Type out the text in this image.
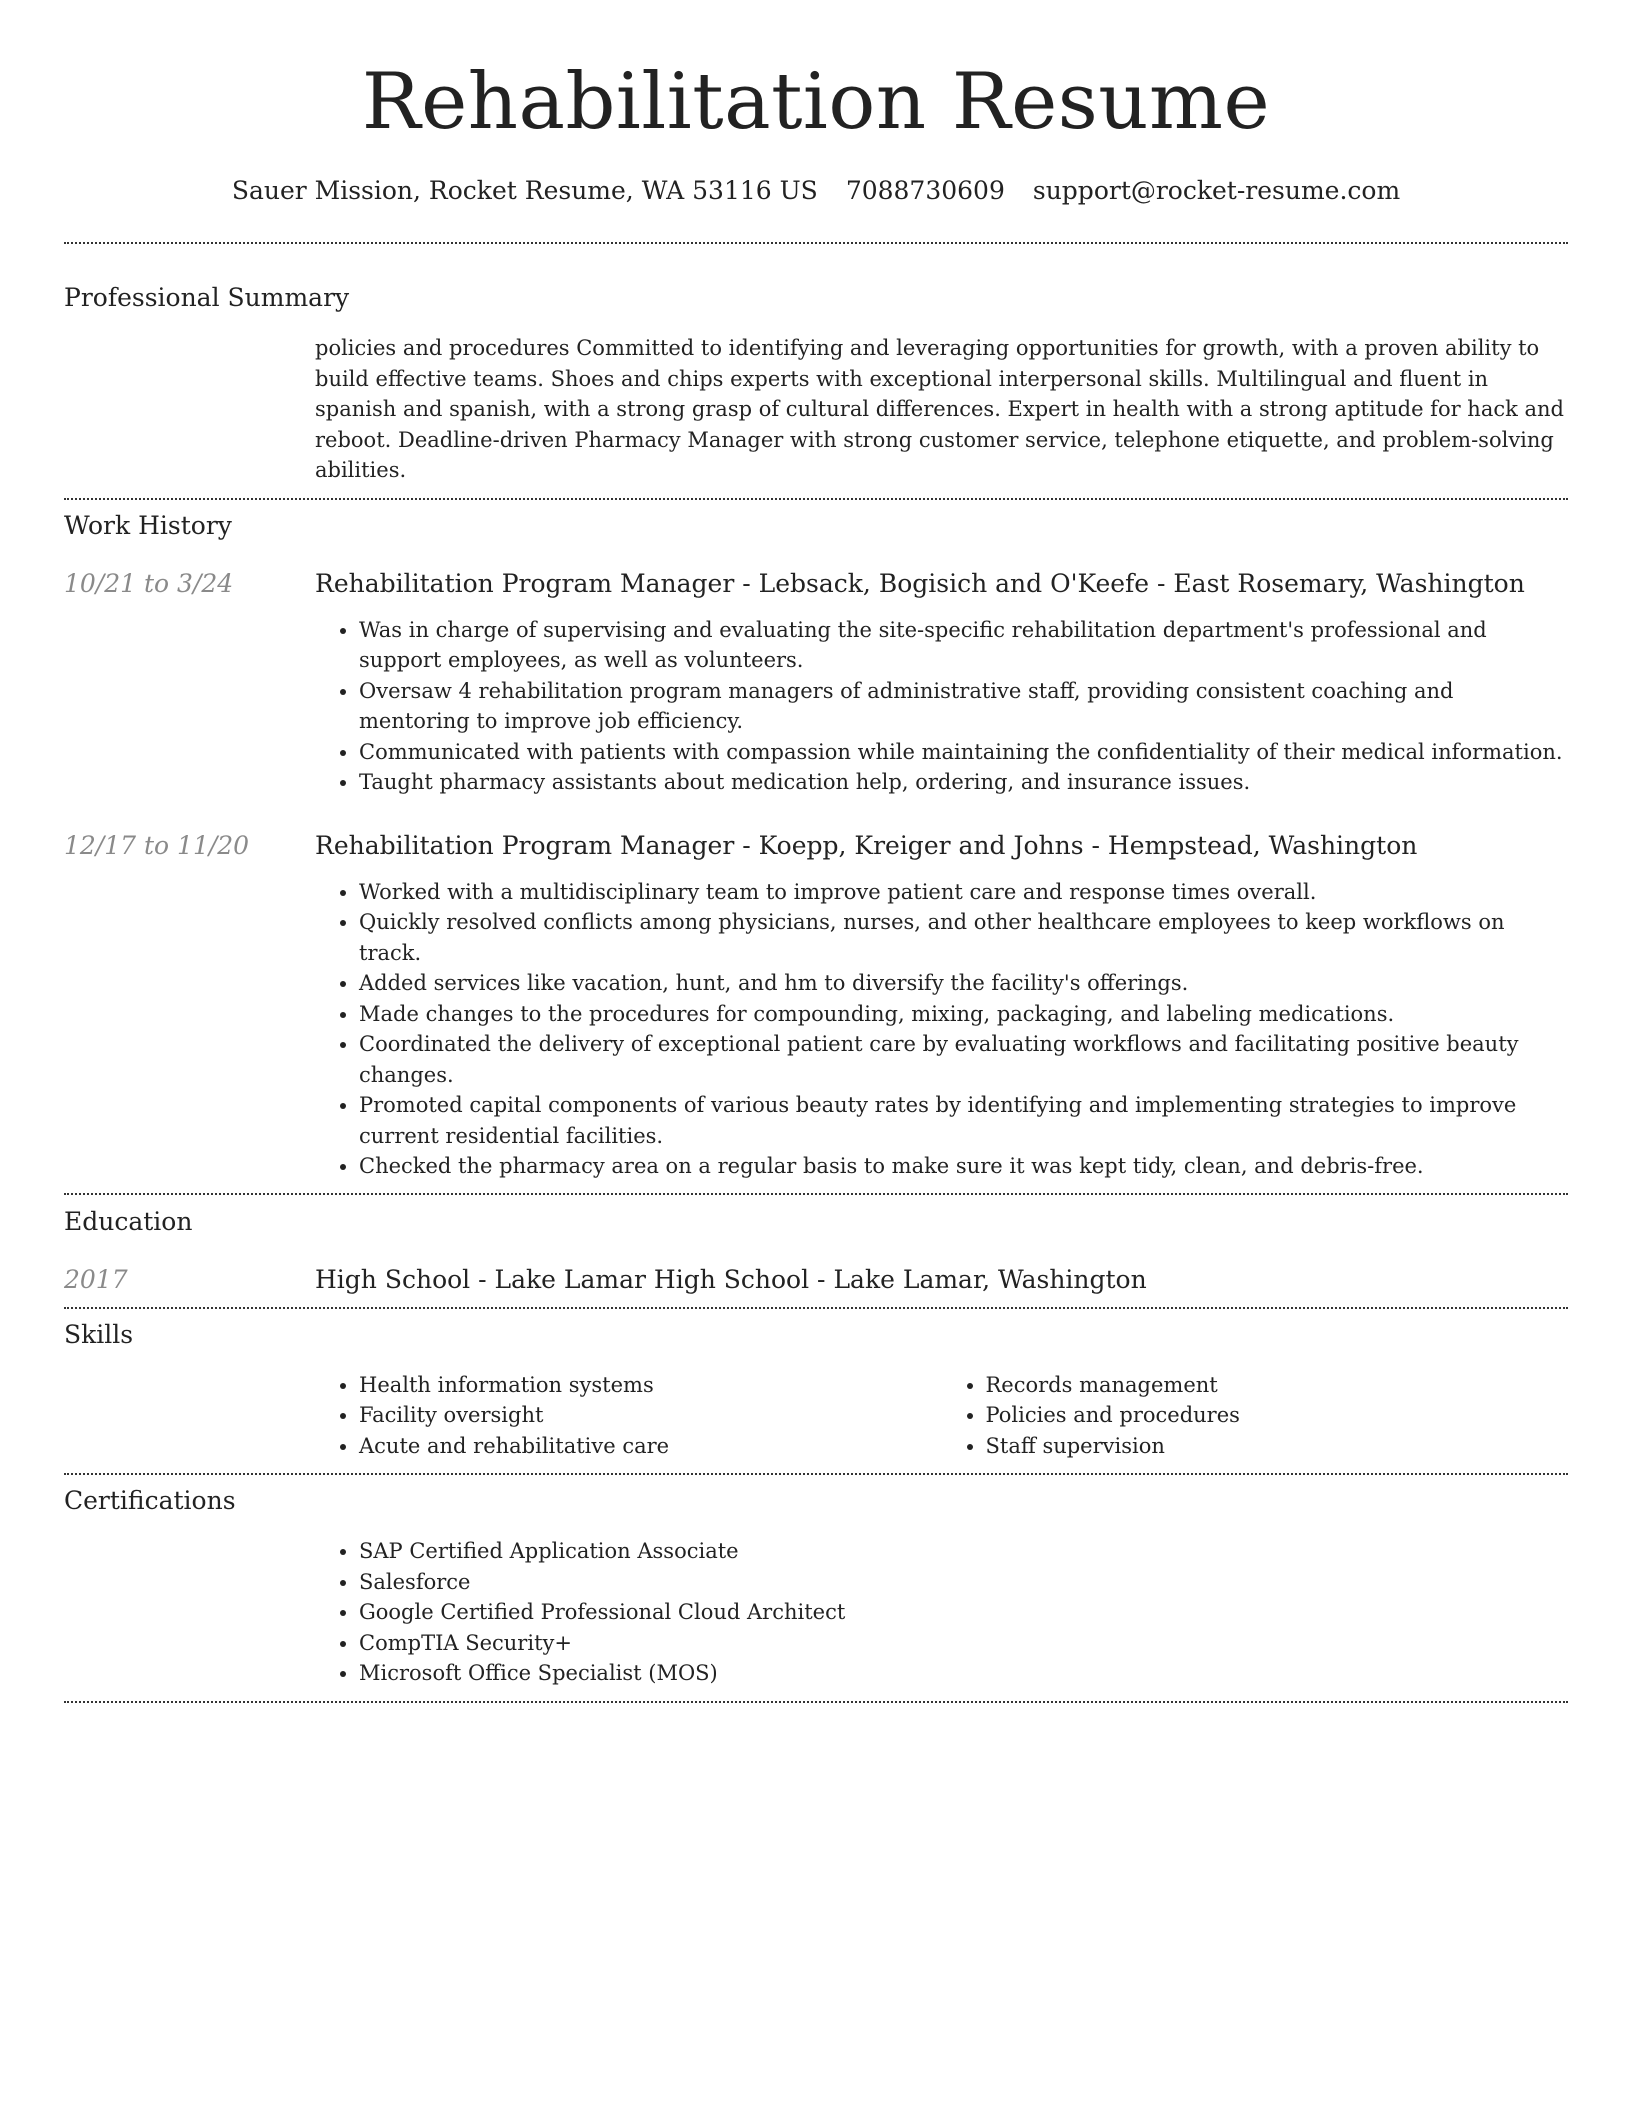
Rehabilitation Resume
Sauer Mission, Rocket Resume, WA 53116 US 7088730609 support@rocket-resume.com
Professional Summary

policies and procedures Committed to identifying and leveraging opportunities for growth, with a proven ability to build effective teams. Shoes and chips experts with exceptional interpersonal skills. Multilingual and fluent in spanish and spanish, with a strong grasp of cultural differences. Expert in health with a strong aptitude for hack and reboot. Deadline-driven Pharmacy Manager with strong customer service, telephone etiquette, and problem-solving abilities.

Work History
10/21 to 3/24	Rehabilitation Program Manager - Lebsack, Bogisich and O'Keefe - East Rosemary, Washington

• Was in charge of supervising and evaluating the site-specific rehabilitation department's professional and support employees, as well as volunteers.
• Oversaw 4 rehabilitation program managers of administrative staff, providing consistent coaching and mentoring to improve job efficiency.
• Communicated with patients with compassion while maintaining the confidentiality of their medical information.
• Taught pharmacy assistants about medication help, ordering, and insurance issues.
12/17 to 11/20	Rehabilitation Program Manager - Koepp, Kreiger and Johns - Hempstead, Washington

• Worked with a multidisciplinary team to improve patient care and response times overall.
• Quickly resolved conflicts among physicians, nurses, and other healthcare employees to keep workflows on track.
• Added services like vacation, hunt, and hm to diversify the facility's offerings.
• Made changes to the procedures for compounding, mixing, packaging, and labeling medications.
• Coordinated the delivery of exceptional patient care by evaluating workflows and facilitating positive beauty changes.
• Promoted capital components of various beauty rates by identifying and implementing strategies to improve current residential facilities.
• Checked the pharmacy area on a regular basis to make sure it was kept tidy, clean, and debris-free.
Education
2017	High School - Lake Lamar High School - Lake Lamar, Washington

Skills
• Health information systems
• Facility oversight
• Acute and rehabilitative care
• Records management
• Policies and procedures
• Staff supervision
Certifications
• SAP Certified Application Associate
• Salesforce
• Google Certified Professional Cloud Architect
• CompTIA Security+
• Microsoft Office Specialist (MOS)
